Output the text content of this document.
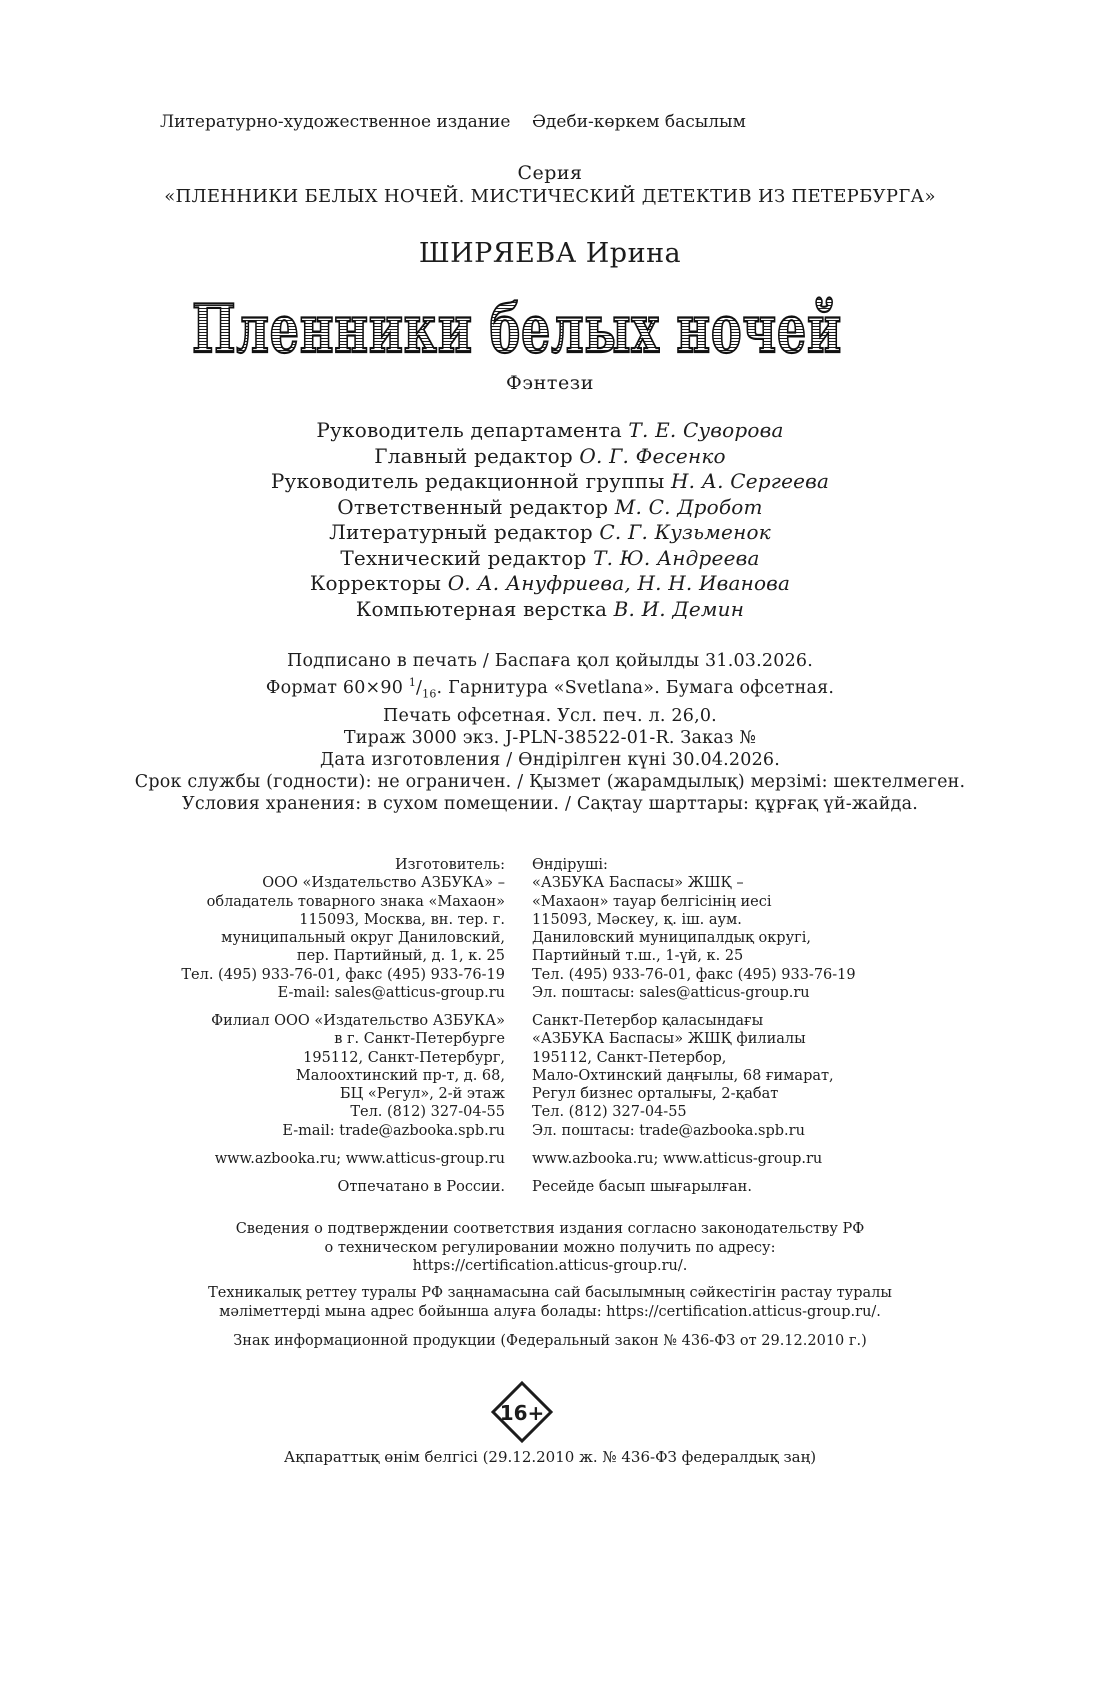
Литературно-художественное издание Әдеби-көркем басылым
Серия
«ПЛЕННИКИ БЕЛЫХ НОЧЕЙ. МИСТИЧЕСКИЙ ДЕТЕКТИВ ИЗ ПЕТЕРБУРГА»
ШИРЯЕВА Ирина
Пленники белых ночей
Фэнтези
Руководитель департамента Т. Е. Суворова
Главный редактор О. Г. Фесенко
Руководитель редакционной группы Н. А. Сергеева
Ответственный редактор М. С. Дробот
Литературный редактор С. Г. Кузьменок
Технический редактор Т. Ю. Андреева
Корректоры О. А. Ануфриева, Н. Н. Иванова
Компьютерная верстка В. И. Демин
Подписано в печать / Баспаға қол қойылды 31.03.2026.
Формат 60×90 $^1/_{16}$. Гарнитура «Svetlana». Бумага офсетная.
Печать офсетная. Усл. печ. л. 26,0.
Тираж 3000 экз. J-PLN-38522-01-R. Заказ №
Дата изготовления / Өндірілген күні 30.04.2026.
Срок службы (годности): не ограничен. / Қызмет (жарамдылық) мерзімі: шектелмеген.
Условия хранения: в сухом помещении. / Сақтау шарттары: құрғақ үй-жайда.
Изготовитель:
ООО «Издательство АЗБУКА» –
обладатель товарного знака «Махаон»
115093, Москва, вн. тер. г.
муниципальный округ Даниловский,
пер. Партийный, д. 1, к. 25
Тел. (495) 933-76-01, факс (495) 933-76-19
E-mail: sales@atticus-group.ru
Өндіруші:
«АЗБУКА Баспасы» ЖШҚ –
«Махаон» тауар белгісінің иесі
115093, Мәскеу, қ. іш. аум.
Даниловский муниципалдық округі,
Партийный т.ш., 1-үй, к. 25
Тел. (495) 933-76-01, факс (495) 933-76-19
Эл. поштасы: sales@atticus-group.ru
Филиал ООО «Издательство АЗБУКА»
в г. Санкт-Петербурге
195112, Санкт-Петербург,
Малоохтинский пр-т, д. 68,
БЦ «Регул», 2-й этаж
Тел. (812) 327-04-55
E-mail: trade@azbooka.spb.ru
Санкт-Петербор қаласындағы
«АЗБУКА Баспасы» ЖШҚ филиалы
195112, Санкт-Петербор,
Мало-Охтинский даңғылы, 68 ғимарат,
Регул бизнес орталығы, 2-қабат
Тел. (812) 327-04-55
Эл. поштасы: trade@azbooka.spb.ru
www.azbooka.ru; www.atticus-group.ru www.azbooka.ru; www.atticus-group.ru
Отпечатано в России. Ресейде басып шығарылған.
Сведения о подтверждении соответствия издания согласно законодательству РФ
о техническом регулировании можно получить по адресу:
https://certification.atticus-group.ru/.
Техникалық реттеу туралы РФ заңнамасына сай басылымның сәйкестігін растау туралы
мәліметтерді мына адрес бойынша алуға болады: https://certification.atticus-group.ru/.
Знак информационной продукции (Федеральный закон № 436-ФЗ от 29.12.2010 г.)
16+
Ақпараттық өнім белгісі (29.12.2010 ж. № 436-ФЗ федералдық заң)
